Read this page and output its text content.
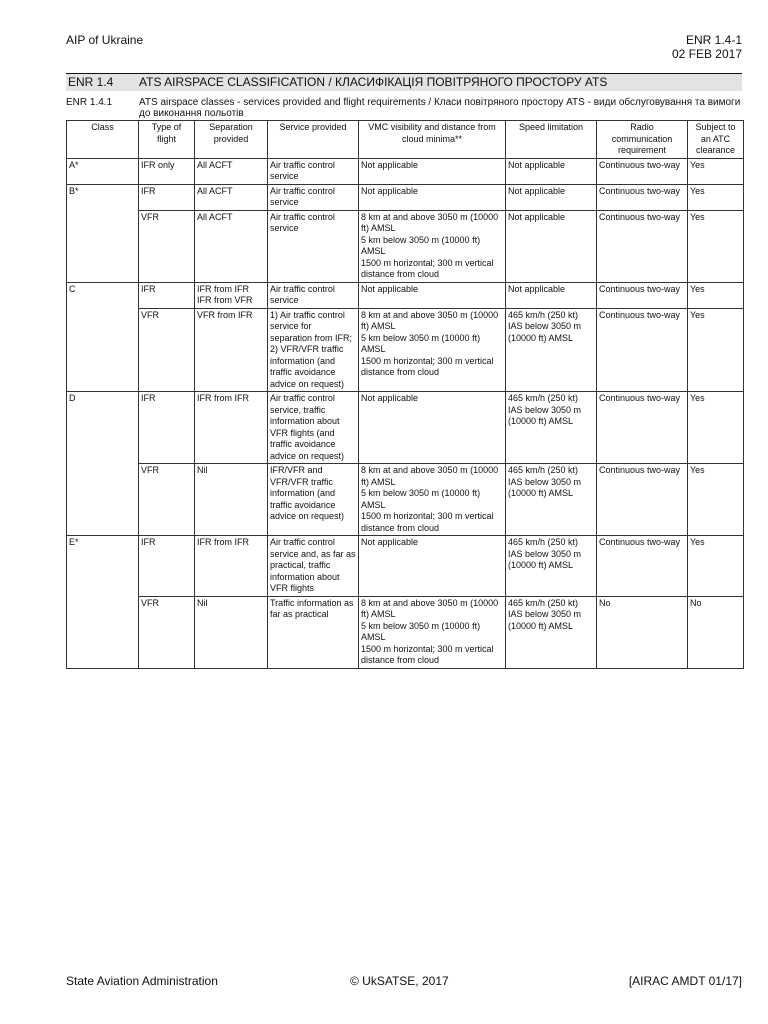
AIP of Ukraine	ENR 1.4-1
02 FEB 2017
ENR 1.4 ATS AIRSPACE CLASSIFICATION / КЛАСИФІКАЦІЯ ПОВІТРЯНОГО ПРОСТОРУ ATS
ENR 1.4.1	ATS airspace classes - services provided and flight requirements / Класи повітряного простору ATS - види обслуговування та вимоги до виконання польотів
Class	Type of flight	Separation provided	Service provided	VMC visibility and distance from cloud minima**	Speed limitation	Radio communication requirement	Subject to an ATC clearance
A*	IFR only	All ACFT	Air traffic control service	Not applicable	Not applicable	Continuous two-way	Yes
B*	IFR	All ACFT	Air traffic control service	Not applicable	Not applicable	Continuous two-way	Yes
	VFR	All ACFT	Air traffic control service	8 km at and above 3050 m (10000 ft) AMSL
5 km below 3050 m (10000 ft) AMSL
1500 m horizontal; 300 m vertical distance from cloud	Not applicable	Continuous two-way	Yes
C	IFR	IFR from IFR
IFR from VFR	Air traffic control service	Not applicable	Not applicable	Continuous two-way	Yes
	VFR	VFR from IFR	1) Air traffic control service for separation from IFR;
2) VFR/VFR traffic information (and traffic avoidance advice on request)	8 km at and above 3050 m (10000 ft) AMSL
5 km below 3050 m (10000 ft) AMSL
1500 m horizontal; 300 m vertical distance from cloud	465 km/h (250 kt) IAS below 3050 m (10000 ft) AMSL	Continuous two-way	Yes
D	IFR	IFR from IFR	Air traffic control service, traffic information about VFR flights (and traffic avoidance advice on request)	Not applicable	465 km/h (250 kt) IAS below 3050 m (10000 ft) AMSL	Continuous two-way	Yes
	VFR	Nil	IFR/VFR and VFR/VFR traffic information (and traffic avoidance advice on request)	8 km at and above 3050 m (10000 ft) AMSL
5 km below 3050 m (10000 ft) AMSL
1500 m horizontal; 300 m vertical distance from cloud	465 km/h (250 kt) IAS below 3050 m (10000 ft) AMSL	Continuous two-way	Yes
E*	IFR	IFR from IFR	Air traffic control service and, as far as practical, traffic information about VFR flights	Not applicable	465 km/h (250 kt) IAS below 3050 m (10000 ft) AMSL	Continuous two-way	Yes
	VFR	Nil	Traffic information as far as practical	8 km at and above 3050 m (10000 ft) AMSL
5 km below 3050 m (10000 ft) AMSL
1500 m horizontal; 300 m vertical distance from cloud	465 km/h (250 kt) IAS below 3050 m (10000 ft) AMSL	No	No
State Aviation Administration	© UkSATSE, 2017	[AIRAC AMDT 01/17]
